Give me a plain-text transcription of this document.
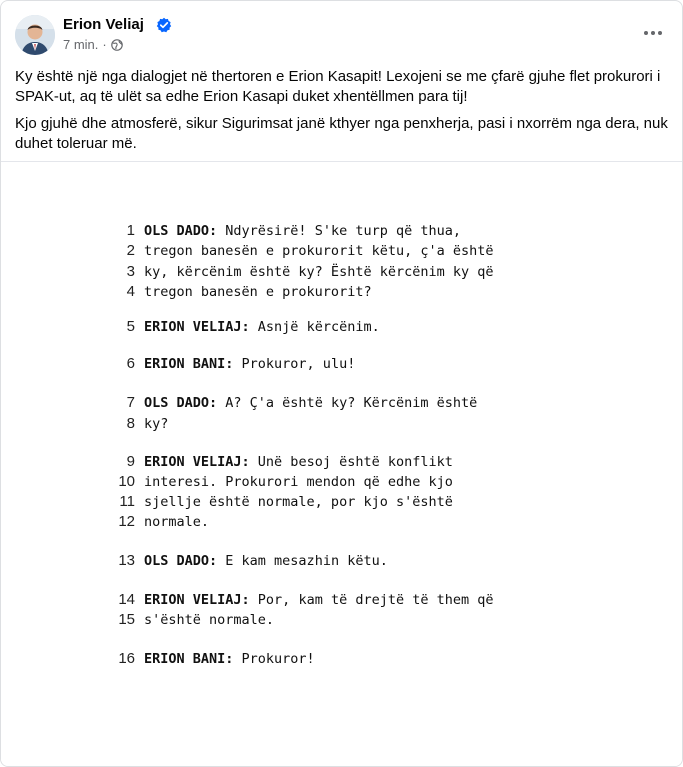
Erion Veliaj
7 min. ·
Ky është një nga dialogjet në thertoren e Erion Kasapit! Lexojeni se me çfarë gjuhe flet prokurori i SPAK-ut, aq të ulët sa edhe Erion Kasapi duket xhentëllmen para tij!
Kjo gjuhë dhe atmosferë, sikur Sigurimsat janë kthyer nga penxherja, pasi i nxorrëm nga dera, nuk duhet toleruar më.
1 OLS DADO: Ndyrësirë! S'ke turp që thua,
2 tregon banesën e prokurorit këtu, ç'a është
3 ky, kërcënim është ky? Është kërcënim ky që
4 tregon banesën e prokurorit?
5 ERION VELIAJ: Asnjë kërcënim.
6 ERION BANI: Prokuror, ulu!
7 OLS DADO: A? Ç'a është ky? Kërcënim është
8 ky?
9 ERION VELIAJ: Unë besoj është konflikt
10 interesi. Prokurori mendon që edhe kjo
11 sjellje është normale, por kjo s'është
12 normale.
13 OLS DADO: E kam mesazhin këtu.
14 ERION VELIAJ: Por, kam të drejtë të them që
15 s'është normale.
16 ERION BANI: Prokuror!
